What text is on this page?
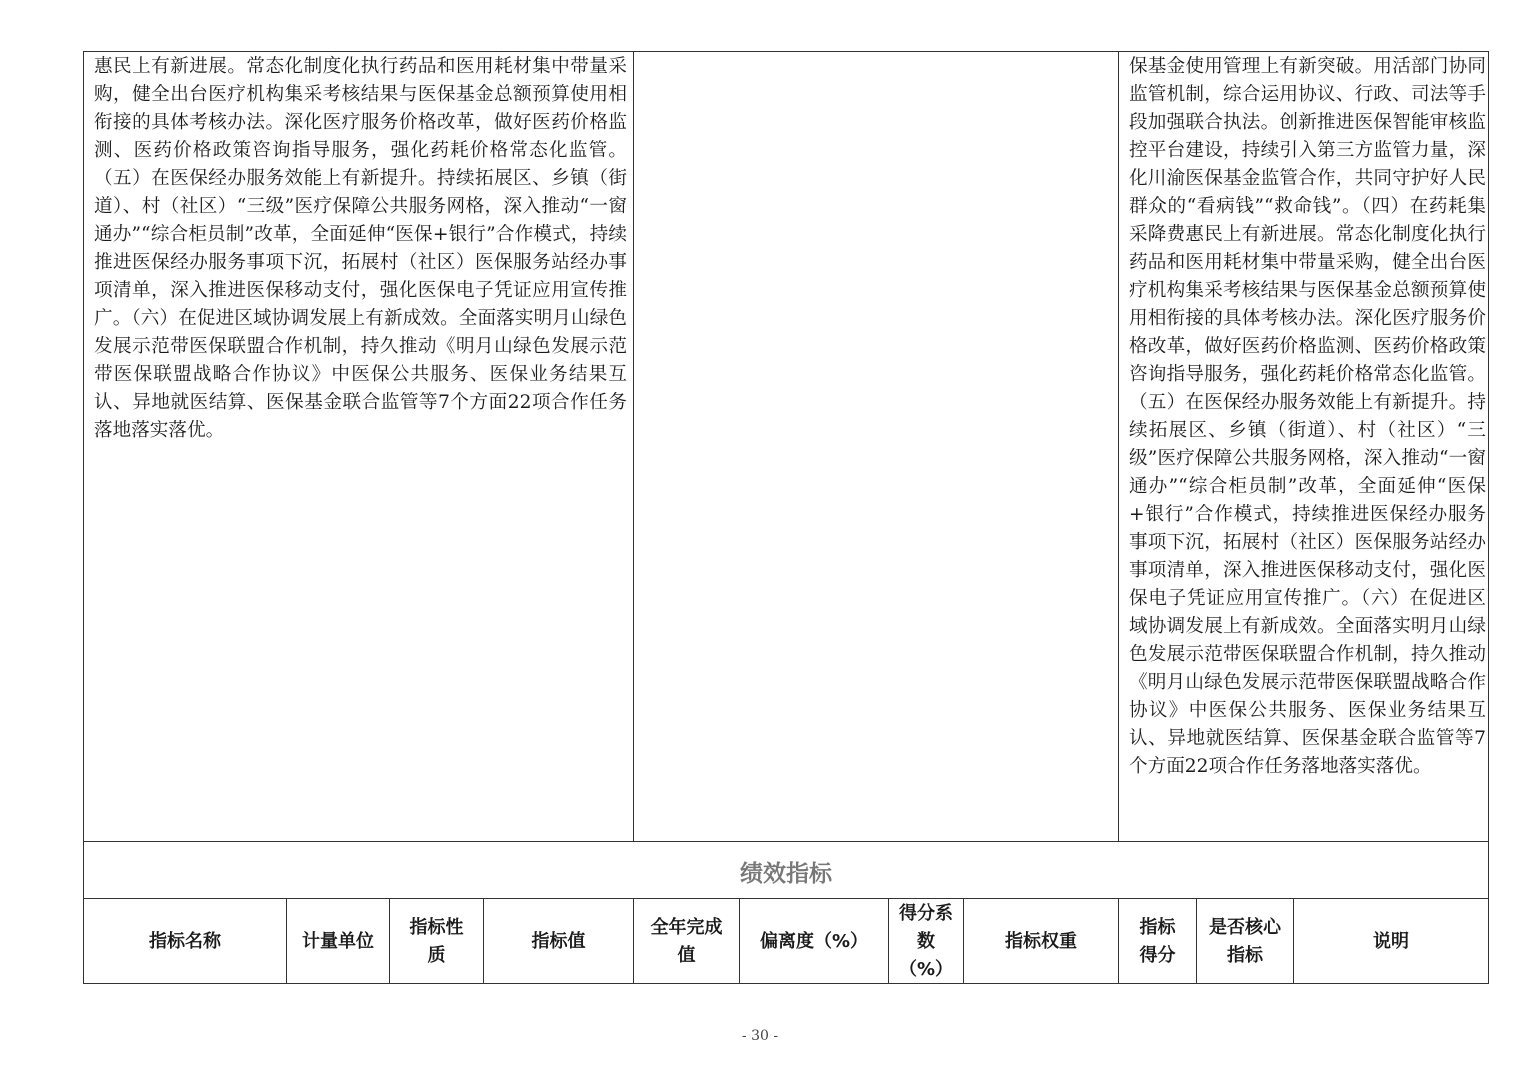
惠民上有新进展。常态化制度化执行药品和医用耗材集中带量采购，健全出台医疗机构集采考核结果与医保基金总额预算使用相衔接的具体考核办法。深化医疗服务价格改革，做好医药价格监测、医药价格政策咨询指导服务，强化药耗价格常态化监管。（五）在医保经办服务效能上有新提升。持续拓展区、乡镇（街道）、村（社区）“三级”医疗保障公共服务网格，深入推动“一窗通办”“综合柜员制”改革，全面延伸“医保+银行”合作模式，持续推进医保经办服务事项下沉，拓展村（社区）医保服务站经办事项清单，深入推进医保移动支付，强化医保电子凭证应用宣传推广。（六）在促进区域协调发展上有新成效。全面落实明月山绿色发展示范带医保联盟合作机制，持久推动《明月山绿色发展示范带医保联盟战略合作协议》中医保公共服务、医保业务结果互认、异地就医结算、医保基金联合监管等7个方面22项合作任务落地落实落优。
保基金使用管理上有新突破。用活部门协同监管机制，综合运用协议、行政、司法等手段加强联合执法。创新推进医保智能审核监控平台建设，持续引入第三方监管力量，深化川渝医保基金监管合作，共同守护好人民群众的“看病钱”“救命钱”。（四）在药耗集采降费惠民上有新进展。常态化制度化执行药品和医用耗材集中带量采购，健全出台医疗机构集采考核结果与医保基金总额预算使用相衔接的具体考核办法。深化医疗服务价格改革，做好医药价格监测、医药价格政策咨询指导服务，强化药耗价格常态化监管。（五）在医保经办服务效能上有新提升。持续拓展区、乡镇（街道）、村（社区）“三级”医疗保障公共服务网格，深入推动“一窗通办”“综合柜员制”改革，全面延伸“医保+银行”合作模式，持续推进医保经办服务事项下沉，拓展村（社区）医保服务站经办事项清单，深入推进医保移动支付，强化医保电子凭证应用宣传推广。（六）在促进区域协调发展上有新成效。全面落实明月山绿色发展示范带医保联盟合作机制，持久推动《明月山绿色发展示范带医保联盟战略合作协议》中医保公共服务、医保业务结果互认、异地就医结算、医保基金联合监管等7个方面22项合作任务落地落实落优。
绩效指标
指标名称	计量单位
指标性质
指标值
全年完成值
偏离度（%）
得分系数（%）
指标权重
指标得分
是否核心指标
说明
- 30 -
